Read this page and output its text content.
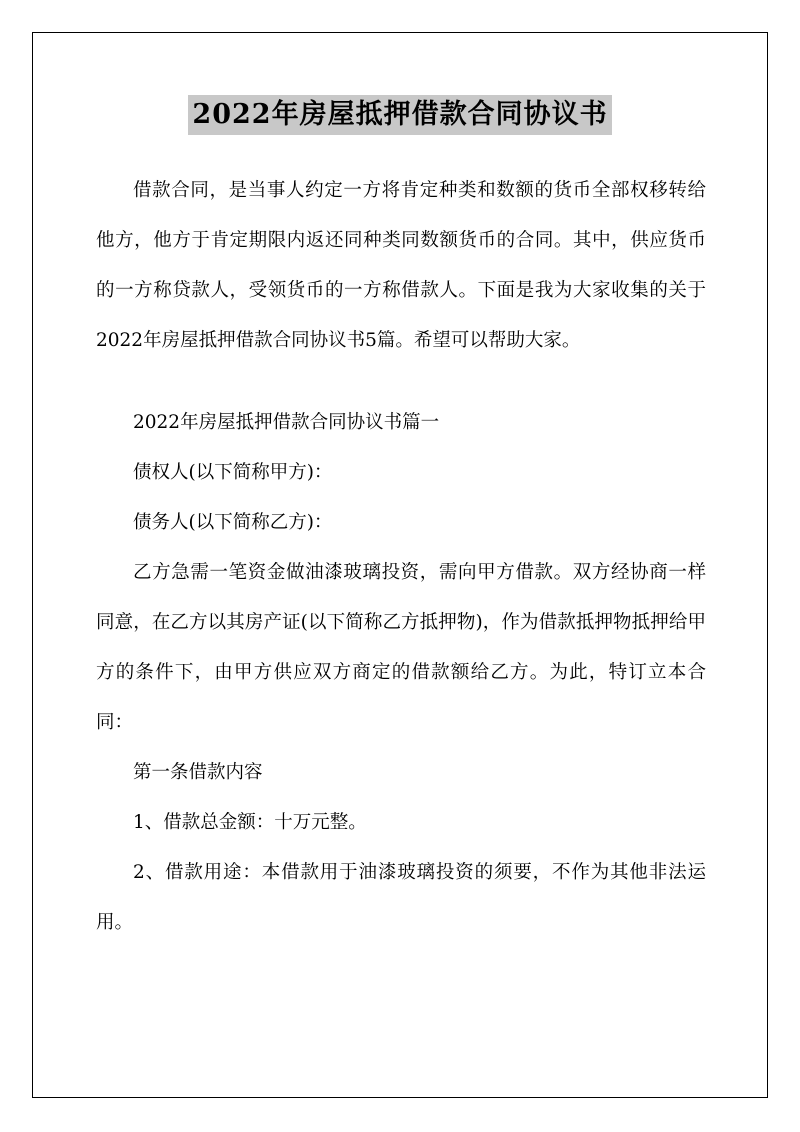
2022年房屋抵押借款合同协议书

借款合同，是当事人约定一方将肯定种类和数额的货币全部权移转给他方，他方于肯定期限内返还同种类同数额货币的合同。其中，供应货币的一方称贷款人，受领货币的一方称借款人。下面是我为大家收集的关于2022年房屋抵押借款合同协议书5篇。希望可以帮助大家。

2022年房屋抵押借款合同协议书篇一

债权人(以下简称甲方)：

债务人(以下简称乙方)：

乙方急需一笔资金做油漆玻璃投资，需向甲方借款。双方经协商一样同意，在乙方以其房产证(以下简称乙方抵押物)，作为借款抵押物抵押给甲方的条件下，由甲方供应双方商定的借款额给乙方。为此，特订立本合同：

第一条借款内容

1、借款总金额：十万元整。

2、借款用途：本借款用于油漆玻璃投资的须要，不作为其他非法运用。
